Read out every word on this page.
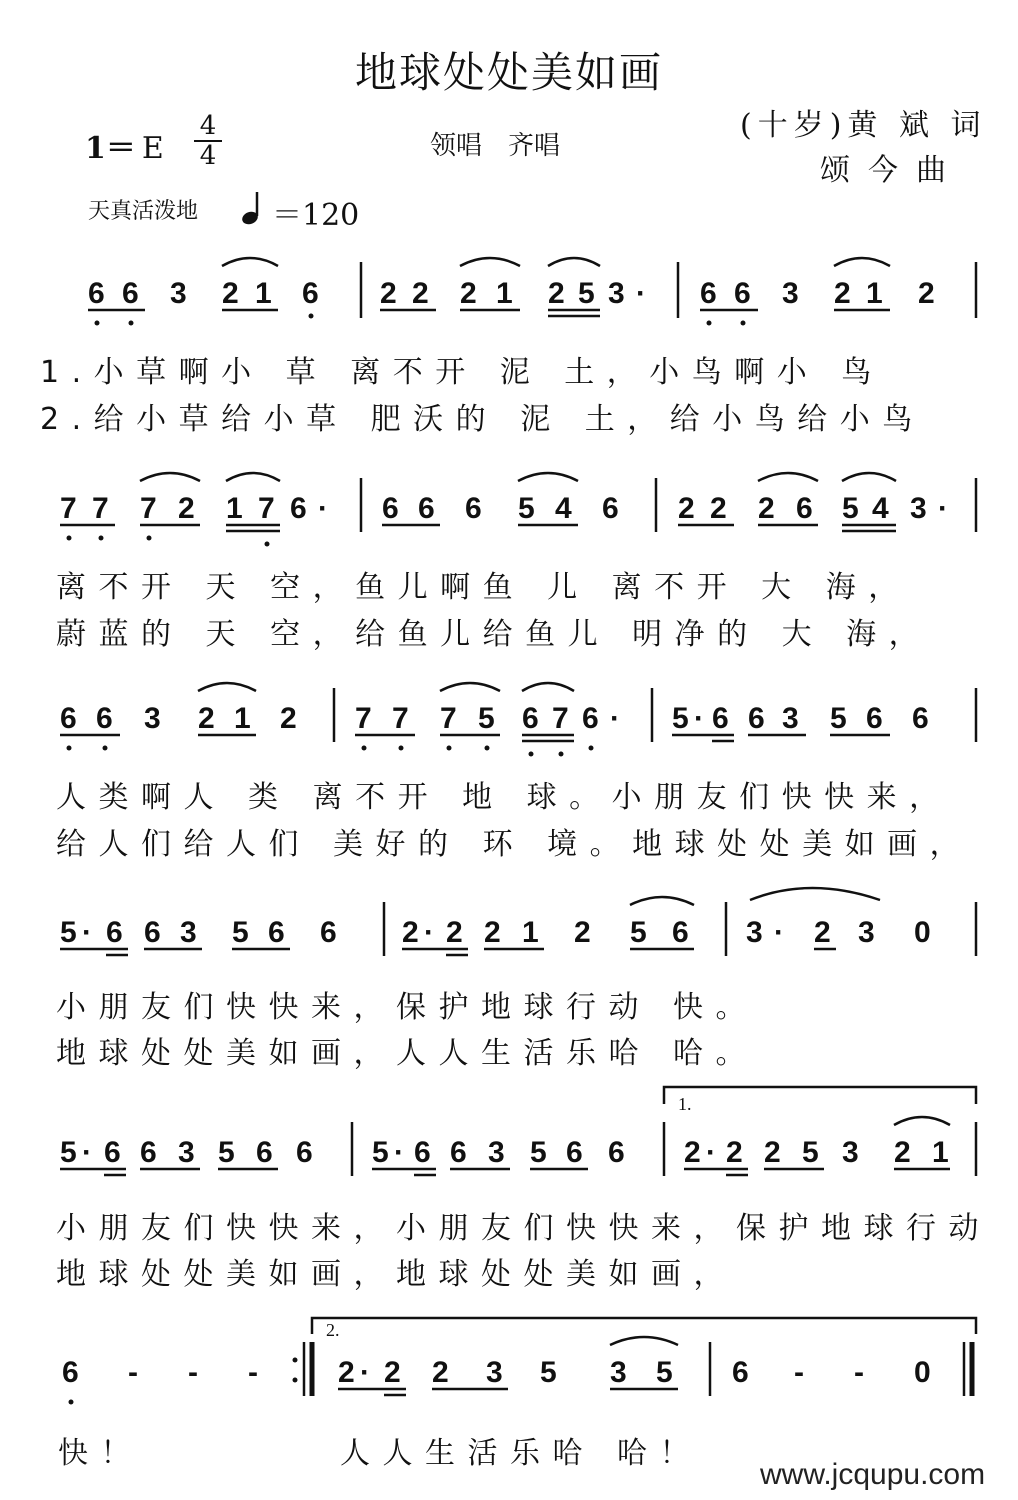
地球处处美如画
1＝ E
4
4	领唱　齐唱
(十岁)黄 斌 词
颂今曲
天真活泼地 ＝120
6 6 3 2 1 6 2 2 2 1 2 5 3 · 6 6 3 2 1 2
7 7 7 2 1 7 6 · 6 6 6 5 4 6 2 2 2 6 5 4 3 ·
6 6 3 2 1 2 7 7 7 5 6 7 6 · 5 · 6 6 3 5 6 6
5 · 6 6 3 5 6 6 2 · 2 2 1 2 5 6 3 · 2 3 0
5 · 6 6 3 5 6 6 5 · 6 6 3 5 6 6 2 · 2 2 5 3 2 1
6 - - -	2 · 2 2 3 5 3 5 6 - - 0
1.
2.
1.小草啊小 草 离不开 泥 土，小鸟啊小 鸟
2.给小草给小草 肥沃的 泥 土，给小鸟给小鸟
离不开 天 空，鱼儿啊鱼 儿 离不开 大 海，
蔚蓝的 天 空，给鱼儿给鱼儿 明净的 大 海，
人类啊人 类 离不开 地 球。小朋友们快快来，
给人们给人们 美好的 环 境。地球处处美如画，
小朋友们快快来，保护地球行动 快。
地球处处美如画，人人生活乐哈 哈。
小朋友们快快来，小朋友们快快来，保护地球行动
地球处处美如画，地球处处美如画，
快！	人人生活乐哈 哈！
www.jcqupu.com
